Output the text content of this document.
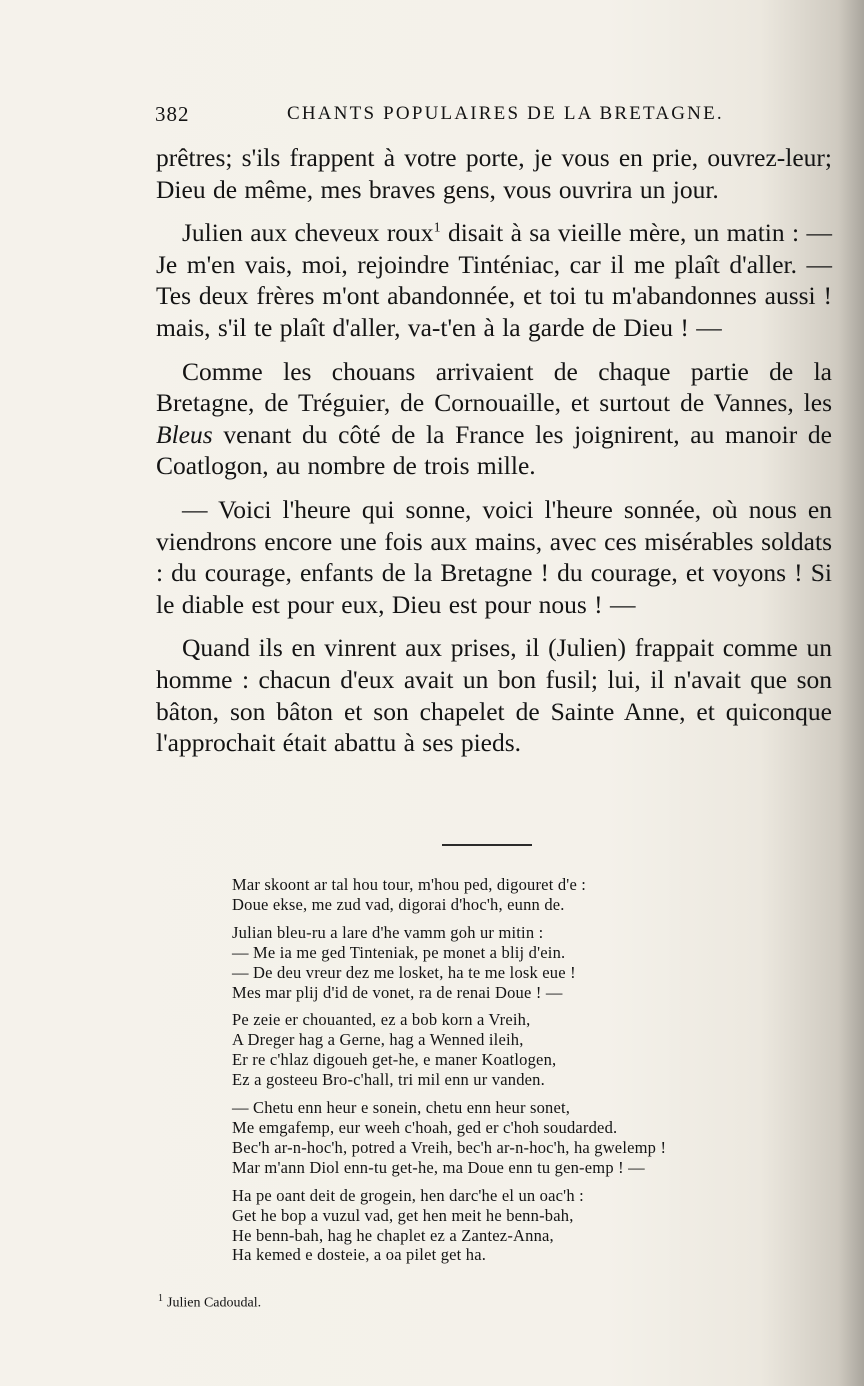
382	CHANTS POPULAIRES DE LA BRETAGNE.

prêtres; s'ils frappent à votre porte, je vous en prie, ouvrez-leur; Dieu de même, mes braves gens, vous ouvrira un jour.

Julien aux cheveux roux$^1$ disait à sa vieille mère, un matin : — Je m'en vais, moi, rejoindre Tinténiac, car il me plaît d'aller. — Tes deux frères m'ont abandonnée, et toi tu m'abandonnes aussi ! mais, s'il te plaît d'aller, va-t'en à la garde de Dieu ! —

Comme les chouans arrivaient de chaque partie de la Bretagne, de Tréguier, de Cornouaille, et surtout de Vannes, les Bleus venant du côté de la France les joignirent, au manoir de Coatlogon, au nombre de trois mille.

— Voici l'heure qui sonne, voici l'heure sonnée, où nous en viendrons encore une fois aux mains, avec ces misérables soldats : du courage, enfants de la Bretagne ! du courage, et voyons ! Si le diable est pour eux, Dieu est pour nous ! —

Quand ils en vinrent aux prises, il (Julien) frappait comme un homme : chacun d'eux avait un bon fusil; lui, il n'avait que son bâton, son bâton et son chapelet de Sainte Anne, et quiconque l'approchait était abattu à ses pieds.

Mar skoont ar tal hou tour, m'hou ped, digouret d'e :
Doue ekse, me zud vad, digorai d'hoc'h, eunn de.
Julian bleu-ru a lare d'he vamm goh ur mitin :
— Me ia me ged Tinteniak, pe monet a blij d'ein.
— De deu vreur dez me losket, ha te me losk eue !
Mes mar plij d'id de vonet, ra de renai Doue ! —
Pe zeie er chouanted, ez a bob korn a Vreih,
A Dreger hag a Gerne, hag a Wenned ileih,
Er re c'hlaz digoueh get-he, e maner Koatlogen,
Ez a gosteeu Bro-c'hall, tri mil enn ur vanden.
— Chetu enn heur e sonein, chetu enn heur sonet,
Me emgafemp, eur weeh c'hoah, ged er c'hoh soudarded.
Bec'h ar-n-hoc'h, potred a Vreih, bec'h ar-n-hoc'h, ha gwelemp !
Mar m'ann Diol enn-tu get-he, ma Doue enn tu gen-emp ! —
Ha pe oant deit de grogein, hen darc'he el un oac'h :
Get he bop a vuzul vad, get hen meit he benn-bah,
He benn-bah, hag he chaplet ez a Zantez-Anna,
Ha kemed e dosteie, a oa pilet get ha.
$^1$ Julien Cadoudal.
